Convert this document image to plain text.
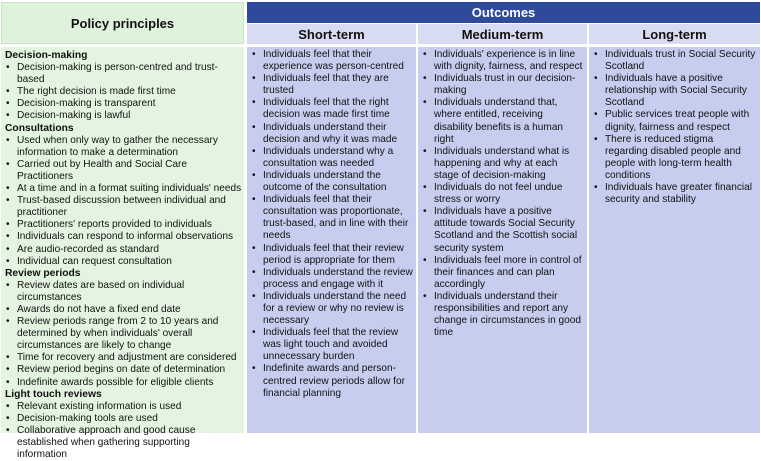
Policy principles
Outcomes
Short-term	Medium-term	Long-term
Decision-making
• Decision-making is person-centred and trust-based
• The right decision is made first time
• Decision-making is transparent
• Decision-making is lawful
Consultations
• Used when only way to gather the necessary information to make a determination
• Carried out by Health and Social Care Practitioners
• At a time and in a format suiting individuals' needs
• Trust-based discussion between individual and practitioner
• Practitioners' reports provided to individuals
• Individuals can respond to informal observations
• Are audio-recorded as standard
• Individual can request consultation
Review periods
• Review dates are based on individual circumstances
• Awards do not have a fixed end date
• Review periods range from 2 to 10 years and determined by when individuals' overall circumstances are likely to change
• Time for recovery and adjustment are considered
• Review period begins on date of determination
• Indefinite awards possible for eligible clients
Light touch reviews
• Relevant existing information is used
• Decision-making tools are used
• Collaborative approach and good cause established when gathering supporting information
• Individuals feel that their experience was person-centred
• Individuals feel that they are trusted
• Individuals feel that the right decision was made first time
• Individuals understand their decision and why it was made
• Individuals understand why a consultation was needed
• Individuals understand the outcome of the consultation
• Individuals feel that their consultation was proportionate, trust-based, and in line with their needs
• Individuals feel that their review period is appropriate for them
• Individuals understand the review process and engage with it
• Individuals understand the need for a review or why no review is necessary
• Individuals feel that the review was light touch and avoided unnecessary burden
• Indefinite awards and person-centred review periods allow for financial planning
• Individuals' experience is in line with dignity, fairness, and respect
• Individuals trust in our decision-making
• Individuals understand that, where entitled, receiving disability benefits is a human right
• Individuals understand what is happening and why at each stage of decision-making
• Individuals do not feel undue stress or worry
• Individuals have a positive attitude towards Social Security Scotland and the Scottish social security system
• Individuals feel more in control of their finances and can plan accordingly
• Individuals understand their responsibilities and report any change in circumstances in good time
• Individuals trust in Social Security Scotland
• Individuals have a positive relationship with Social Security Scotland
• Public services treat people with dignity, fairness and respect
• There is reduced stigma regarding disabled people and people with long-term health conditions
• Individuals have greater financial security and stability
